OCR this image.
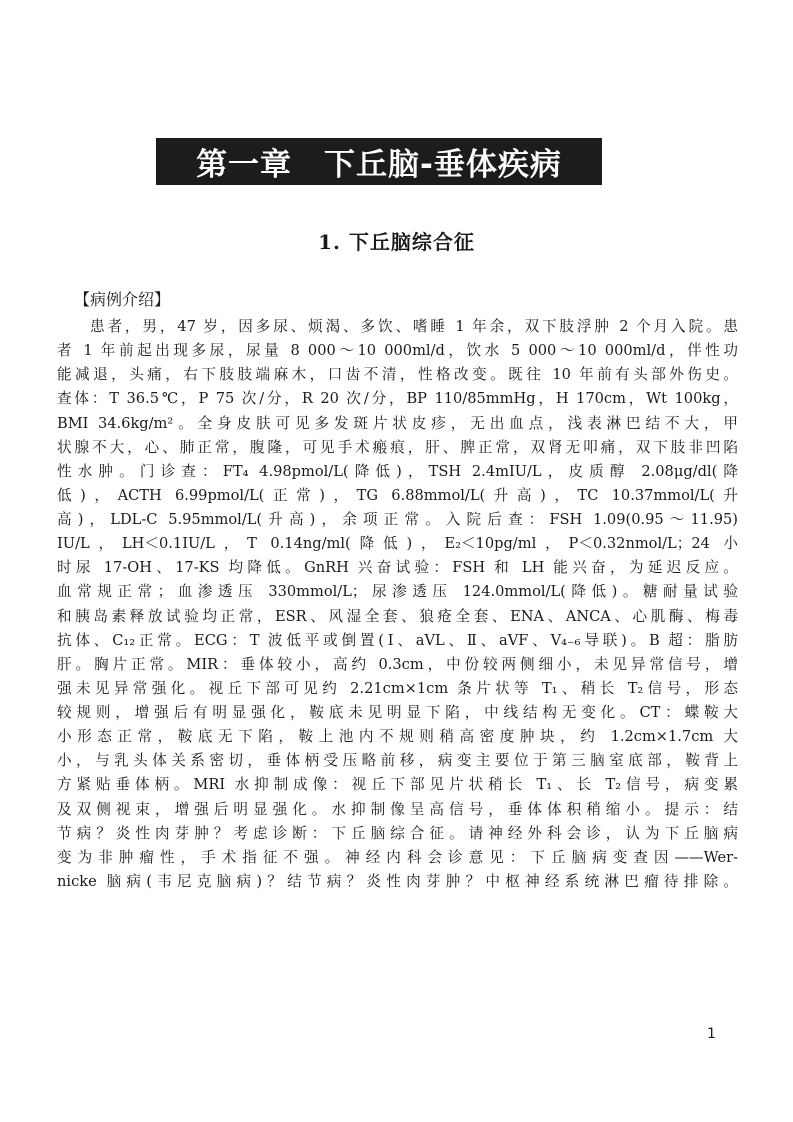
第一章　下丘脑-垂体疾病
1. 下丘脑综合征
【病例介绍】
患者，男，47 岁，因多尿、烦渴、多饮、嗜睡 1 年余，双下肢浮肿 2 个月入院。患
者 1 年前起出现多尿，尿量 8 000～10 000ml/d，饮水 5 000～10 000ml/d，伴性功
能减退，头痛，右下肢肢端麻木，口齿不清，性格改变。既往 10 年前有头部外伤史。
查体：T 36.5℃，P 75 次/分，R 20 次/分，BP 110/85mmHg，H 170cm，Wt 100kg，
BMI 34.6kg/m²。全身皮肤可见多发斑片状皮疹，无出血点，浅表淋巴结不大，甲
状腺不大，心、肺正常，腹隆，可见手术瘢痕，肝、脾正常，双肾无叩痛，双下肢非凹陷
性水肿。门诊查：FT₄ 4.98pmol/L(降低)，TSH 2.4mIU/L，皮质醇 2.08μg/dl(降
低)，ACTH 6.99pmol/L(正常)，TG 6.88mmol/L(升高)，TC 10.37mmol/L(升
高)，LDL-C 5.95mmol/L(升高)，余项正常。入院后查：FSH 1.09(0.95～11.95)
IU/L，LH＜0.1IU/L，T 0.14ng/ml(降低)，E₂＜10pg/ml，P＜0.32nmol/L；24 小
时尿 17-OH、17-KS 均降低。GnRH 兴奋试验：FSH 和 LH 能兴奋，为延迟反应。
血常规正常；血渗透压 330mmol/L；尿渗透压 124.0mmol/L(降低)。糖耐量试验
和胰岛素释放试验均正常，ESR、风湿全套、狼疮全套、ENA、ANCA、心肌酶、梅毒
抗体、C₁₂正常。ECG：T 波低平或倒置(Ⅰ、aVL、Ⅱ、aVF、V₄₋₆导联)。B 超：脂肪
肝。胸片正常。MIR：垂体较小，高约 0.3cm，中份较两侧细小，未见异常信号，增
强未见异常强化。视丘下部可见约 2.21cm×1cm 条片状等 T₁、稍长 T₂信号，形态
较规则，增强后有明显强化，鞍底未见明显下陷，中线结构无变化。CT：蝶鞍大
小形态正常，鞍底无下陷，鞍上池内不规则稍高密度肿块，约 1.2cm×1.7cm 大
小，与乳头体关系密切，垂体柄受压略前移，病变主要位于第三脑室底部，鞍背上
方紧贴垂体柄。MRI 水抑制成像：视丘下部见片状稍长 T₁、长 T₂信号，病变累
及双侧视束，增强后明显强化。水抑制像呈高信号，垂体体积稍缩小。提示：结
节病？炎性肉芽肿？考虑诊断：下丘脑综合征。请神经外科会诊，认为下丘脑病
变为非肿瘤性，手术指征不强。神经内科会诊意见：下丘脑病变查因——Wer-
nicke 脑病(韦尼克脑病)？结节病？炎性肉芽肿？中枢神经系统淋巴瘤待排除。
1
